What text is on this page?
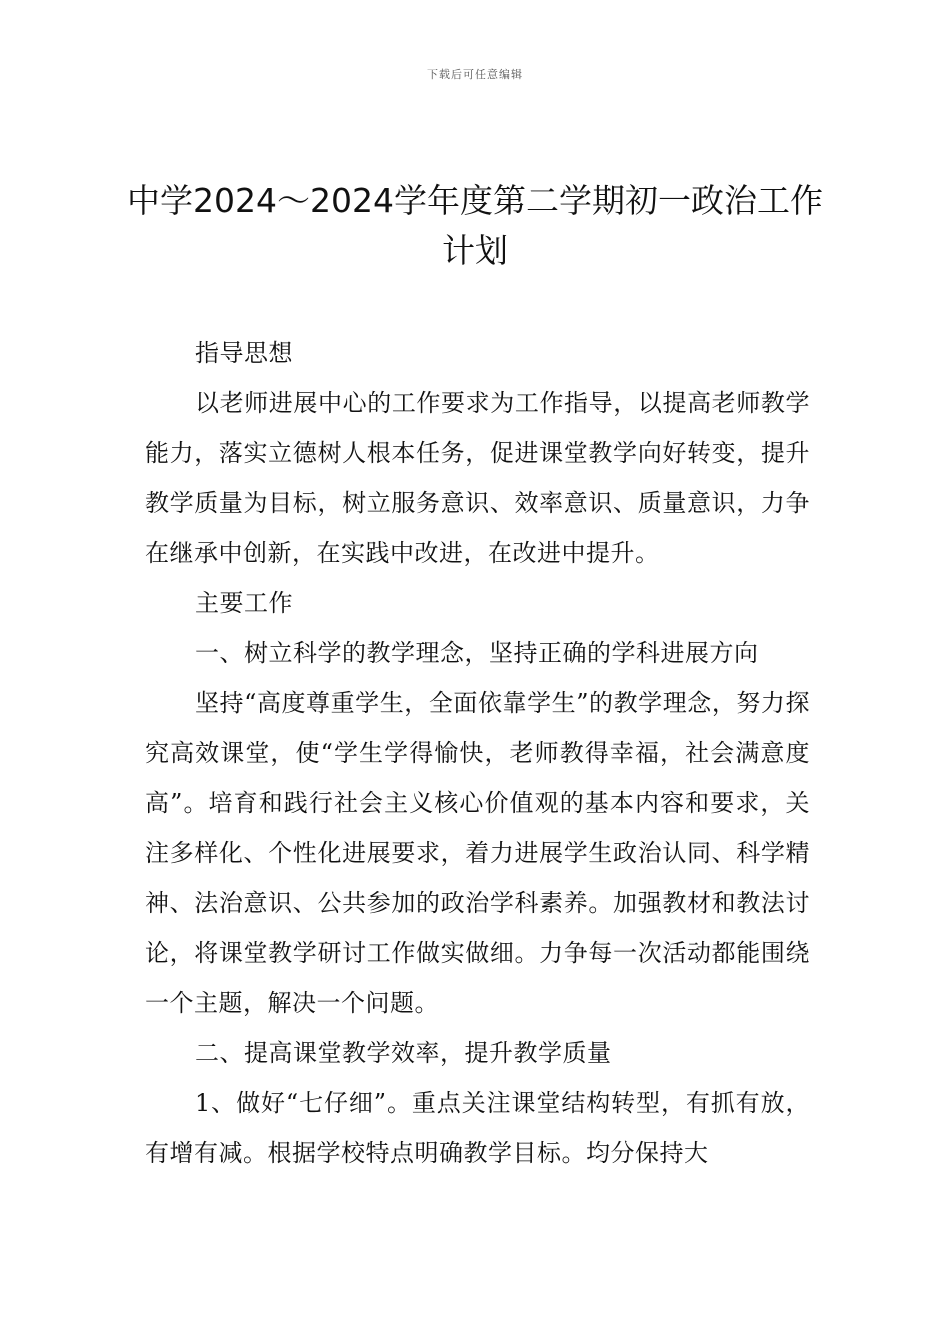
下载后可任意编辑
中学2024～2024学年度第二学期初一政治工作计划

指导思想

以老师进展中心的工作要求为工作指导，以提高老师教学能力，落实立德树人根本任务，促进课堂教学向好转变，提升教学质量为目标，树立服务意识、效率意识、质量意识，力争在继承中创新，在实践中改进，在改进中提升。

主要工作

一、树立科学的教学理念，坚持正确的学科进展方向

坚持“高度尊重学生，全面依靠学生”的教学理念，努力探究高效课堂，使“学生学得愉快，老师教得幸福，社会满意度高”。培育和践行社会主义核心价值观的基本内容和要求，关注多样化、个性化进展要求，着力进展学生政治认同、科学精神、法治意识、公共参加的政治学科素养。加强教材和教法讨论，将课堂教学研讨工作做实做细。力争每一次活动都能围绕一个主题，解决一个问题。

二、提高课堂教学效率，提升教学质量

1、做好“七仔细”。重点关注课堂结构转型，有抓有放，有增有减。根据学校特点明确教学目标。均分保持大
